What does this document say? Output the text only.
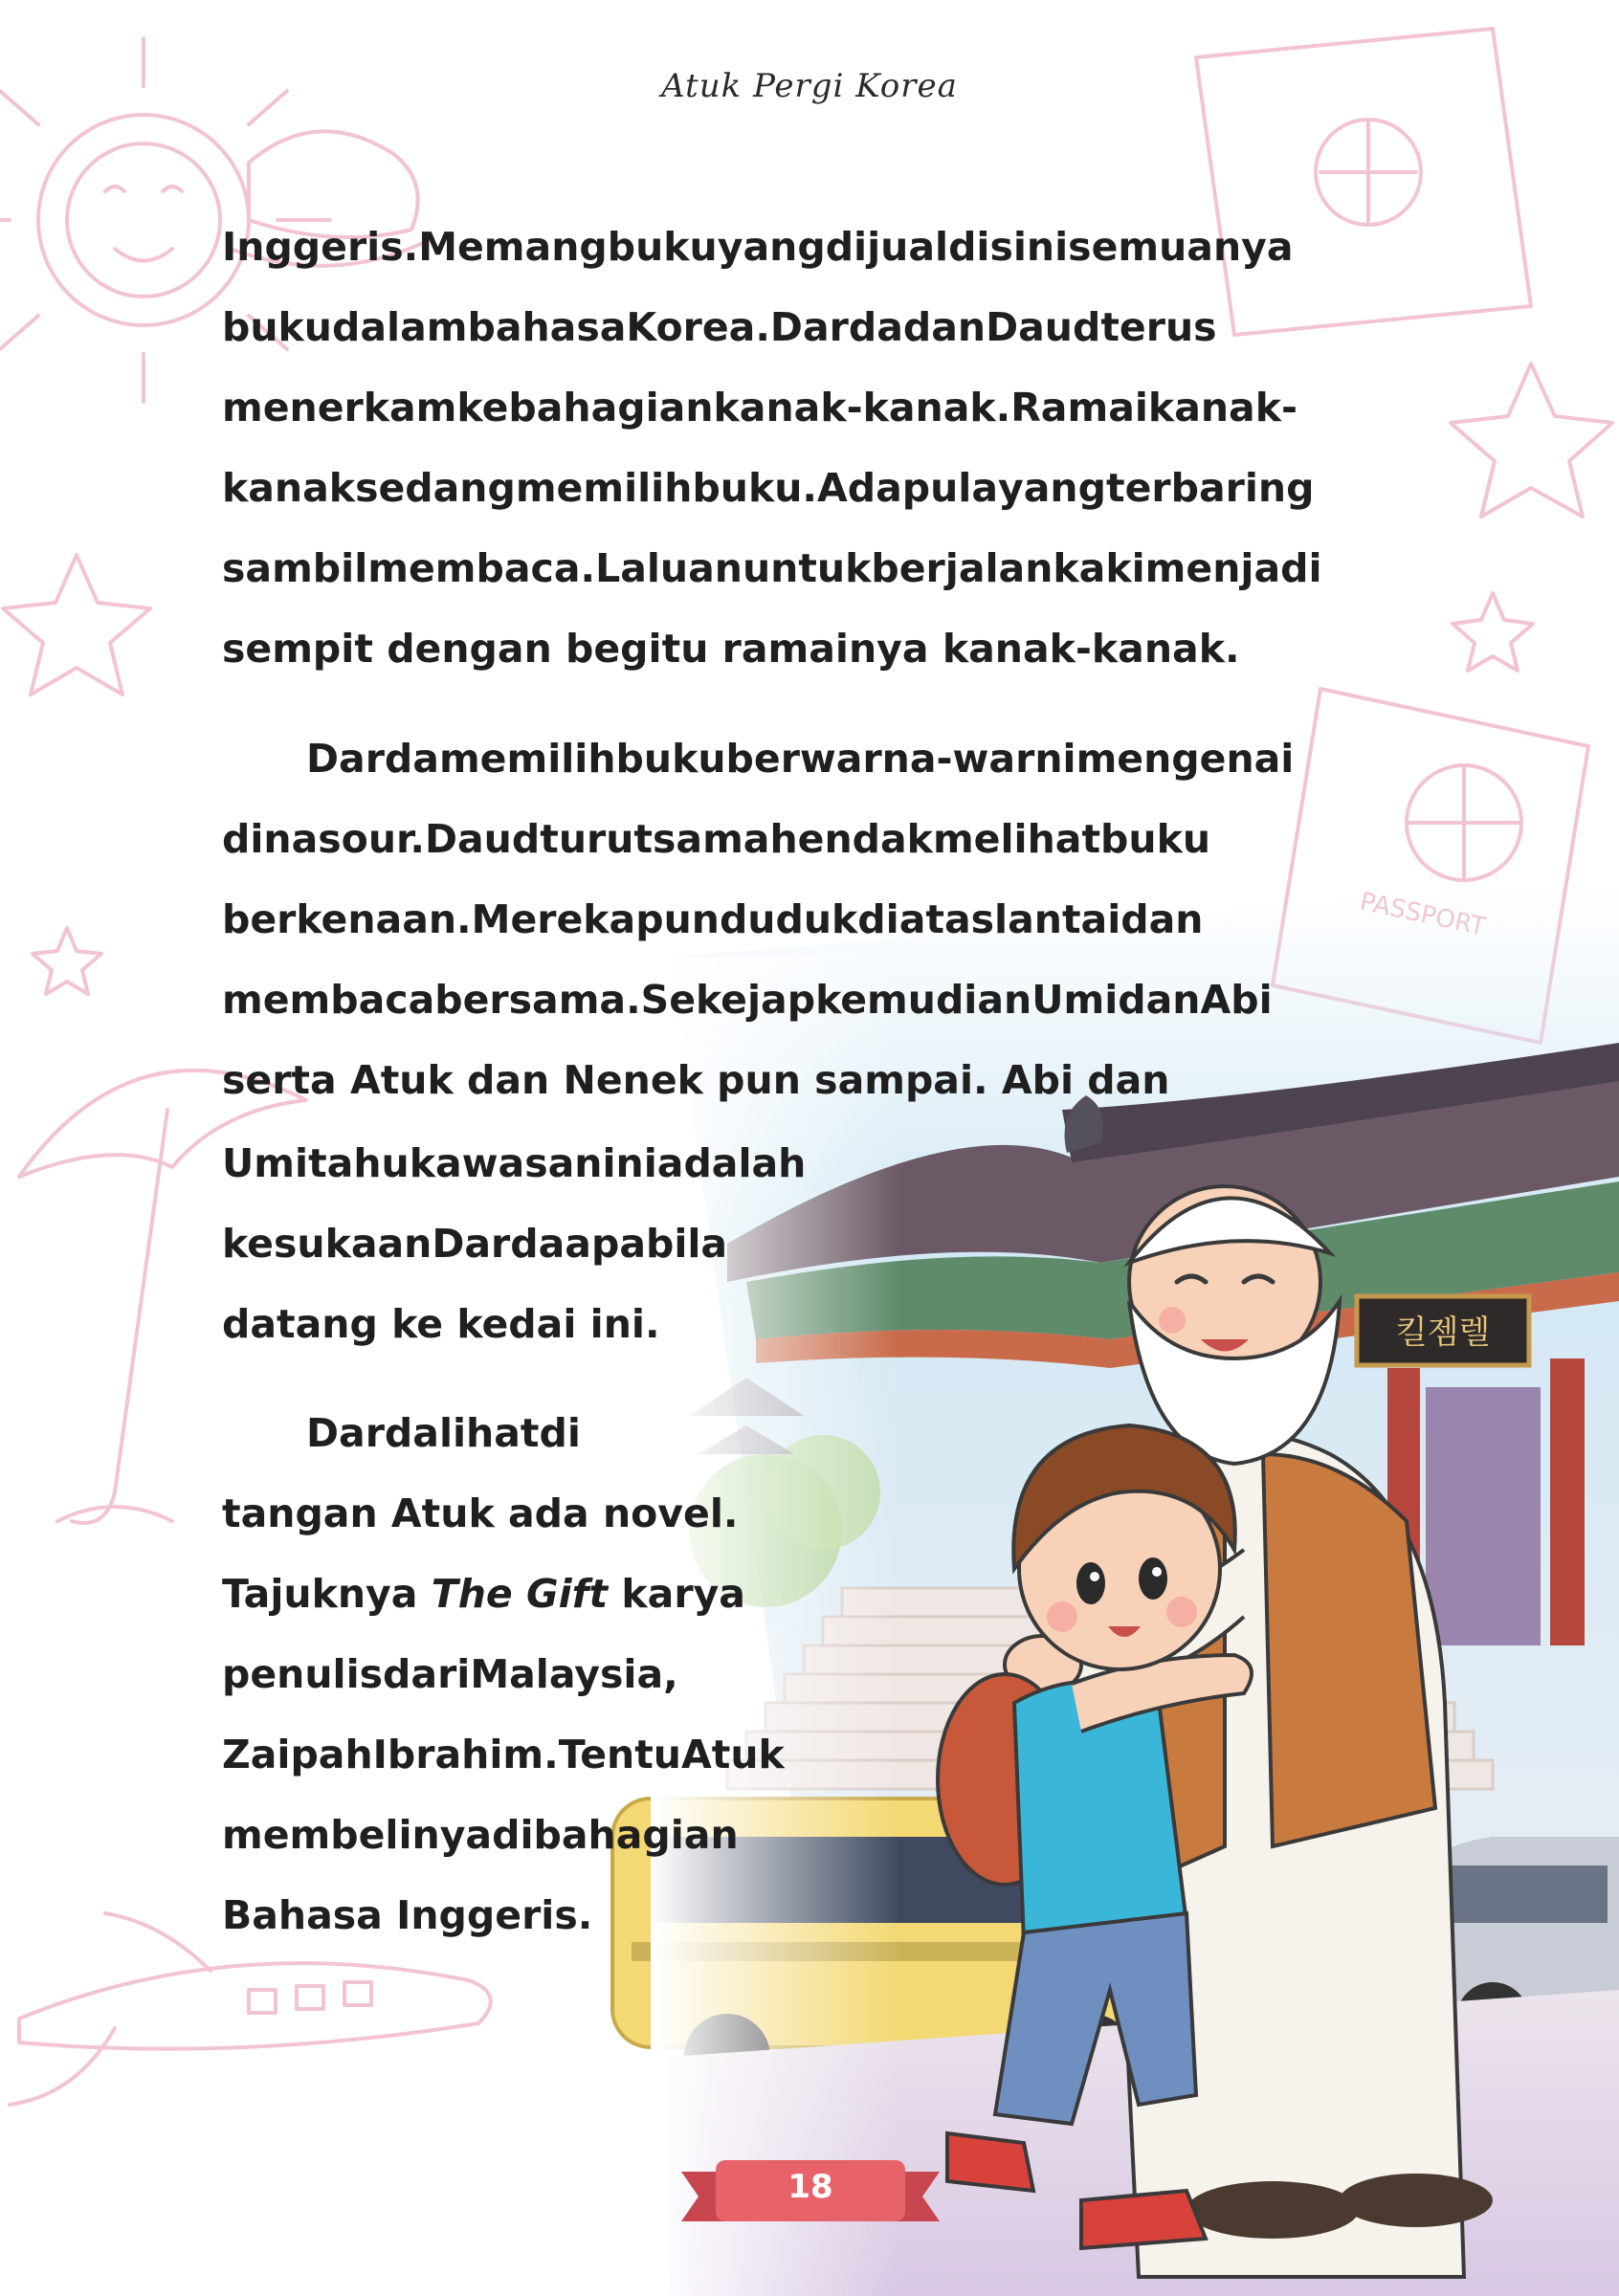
킬젬렐
Atuk Pergi Korea
Inggeris.Memangbukuyangdijualdisinisemuanya
bukudalambahasaKorea.DardadanDaudterus
menerkamkebahagiankanak-kanak.Ramaikanak-
kanaksedangmemilihbuku.Adapulayangterbaring
sambilmembaca.Laluanuntukberjalankakimenjadi
sempit dengan begitu ramainya kanak-kanak.
Dardamemilihbukuberwarna-warnimengenai
dinasour.Daudturutsamahendakmelihatbuku
berkenaan.Merekapundudukdiataslantaidan
membacabersama.SekejapkemudianUmidanAbi
serta Atuk dan Nenek pun sampai. Abi dan
Umitahukawasaniniadalah
kesukaanDardaapabila
datang ke kedai ini.
Dardalihatdi
tangan Atuk ada novel.
Tajuknya The Gift karya
penulisdariMalaysia,
ZaipahIbrahim.TentuAtuk
membelinyadibahagian
Bahasa Inggeris.
18
